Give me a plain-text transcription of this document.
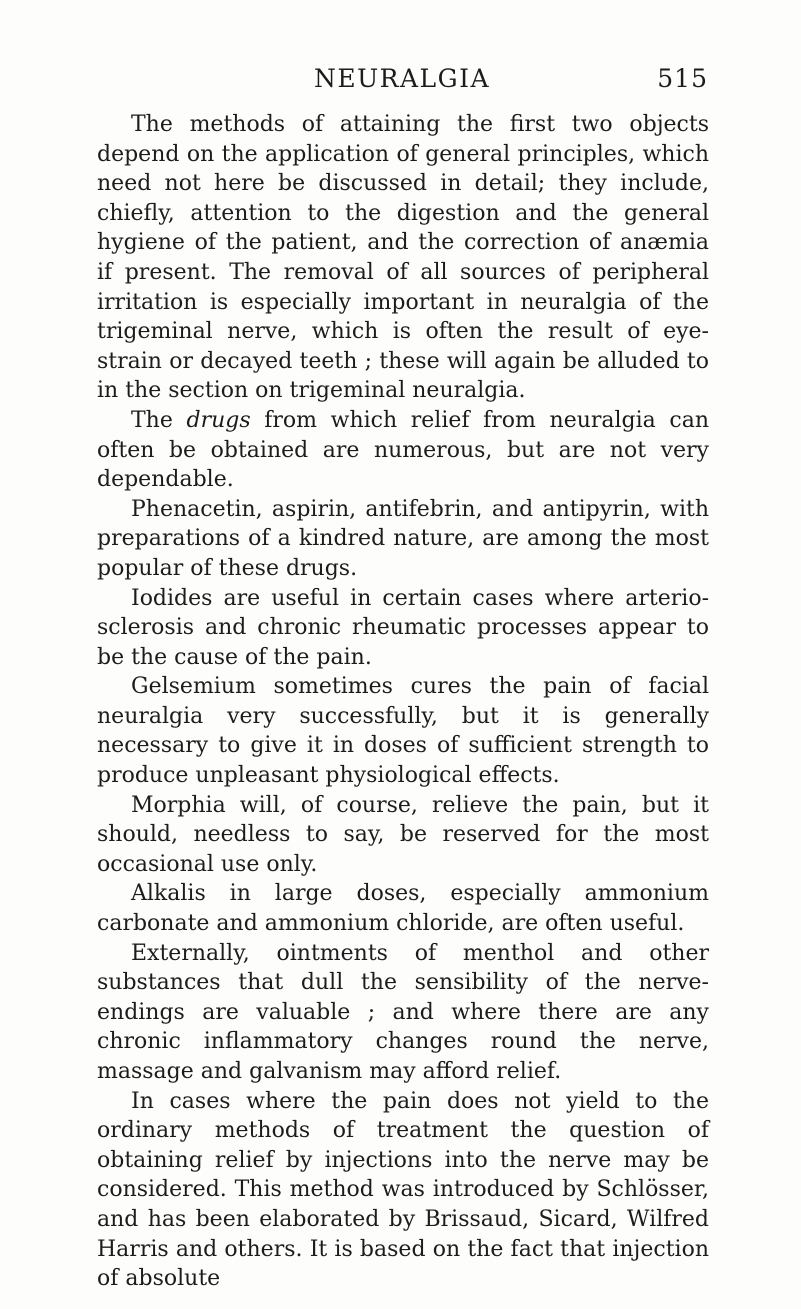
NEURALGIA	515

The methods of attaining the first two objects depend on the application of general principles, which need not here be discussed in detail; they include, chiefly, attention to the digestion and the general hygiene of the patient, and the correction of anæmia if present. The removal of all sources of peripheral irritation is especially important in neuralgia of the trigeminal nerve, which is often the result of eye-strain or decayed teeth ; these will again be alluded to in the section on trigeminal neuralgia.

The drugs from which relief from neuralgia can often be obtained are numerous, but are not very dependable.

Phenacetin, aspirin, antifebrin, and antipyrin, with preparations of a kindred nature, are among the most popular of these drugs.

Iodides are useful in certain cases where arterio-sclerosis and chronic rheumatic processes appear to be the cause of the pain.

Gelsemium sometimes cures the pain of facial neuralgia very successfully, but it is generally necessary to give it in doses of sufficient strength to produce unpleasant physiological effects.

Morphia will, of course, relieve the pain, but it should, needless to say, be reserved for the most occasional use only.

Alkalis in large doses, especially ammonium carbonate and ammonium chloride, are often useful.

Externally, ointments of menthol and other substances that dull the sensibility of the nerve-endings are valuable ; and where there are any chronic inflammatory changes round the nerve, massage and galvanism may afford relief.

In cases where the pain does not yield to the ordinary methods of treatment the question of obtaining relief by injections into the nerve may be considered. This method was introduced by Schlösser, and has been elaborated by Brissaud, Sicard, Wilfred Harris and others. It is based on the fact that injection of absolute
